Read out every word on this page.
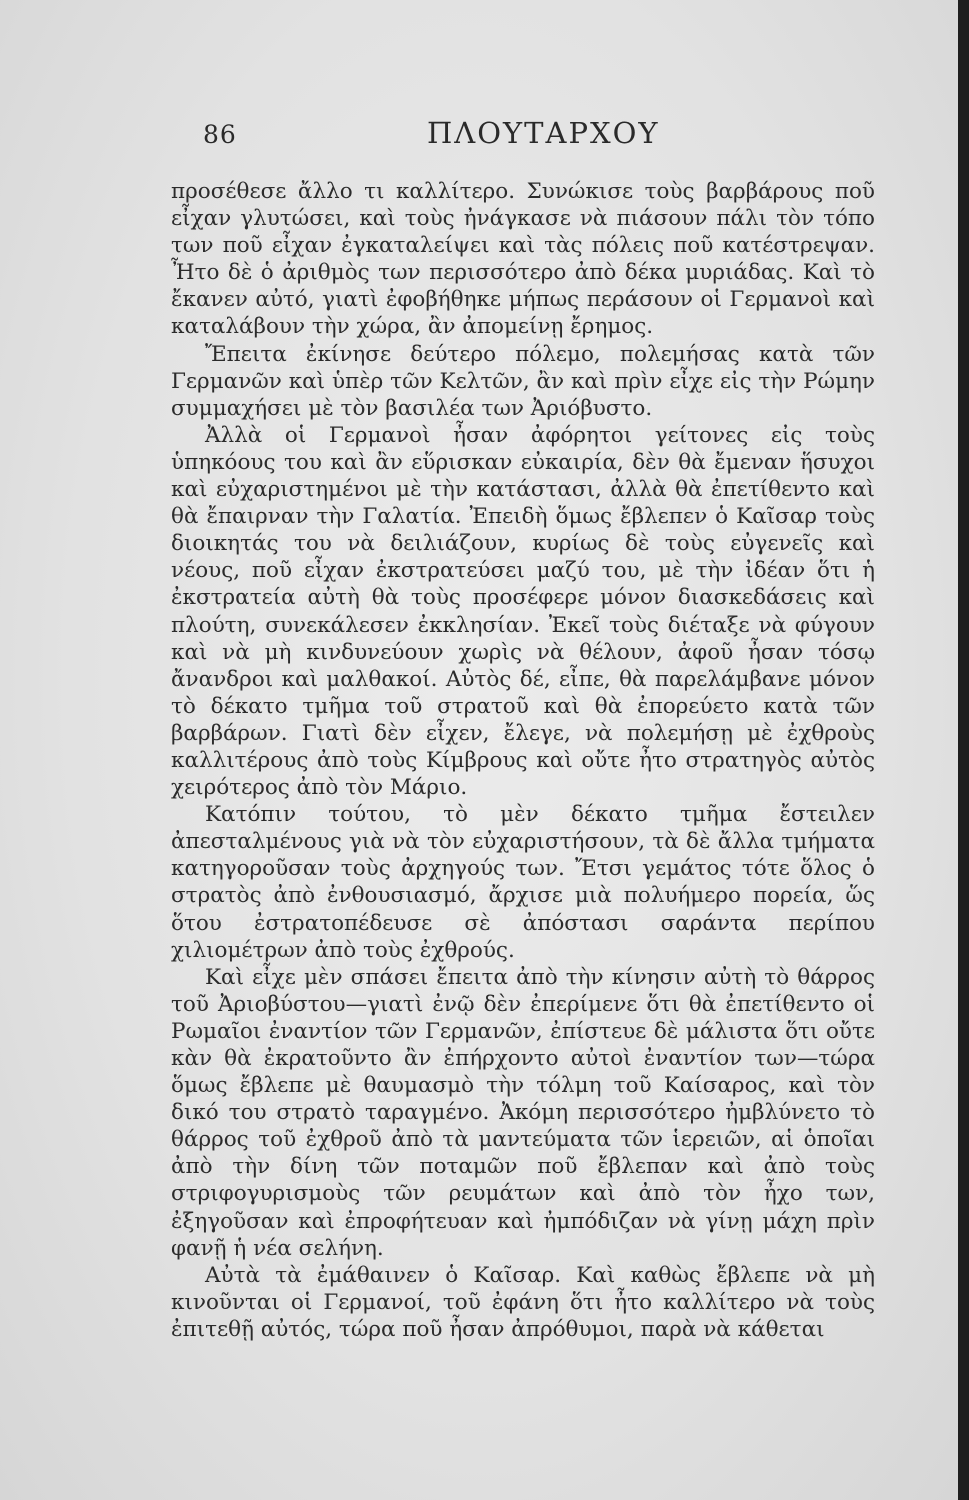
86	ΠΛΟΥΤΑΡΧΟΥ

προσέθεσε ἄλλο τι καλλίτερο. Συνώκισε τοὺς βαρβάρους ποῦ εἶχαν γλυτώσει, καὶ τοὺς ἠνάγκασε νὰ πιάσουν πάλι τὸν τόπο των ποῦ εἶχαν ἐγκαταλείψει καὶ τὰς πόλεις ποῦ κατέστρεψαν. Ἦτο δὲ ὁ ἀριθμὸς των περισσότερο ἀπὸ δέκα μυριάδας. Καὶ τὸ ἔκανεν αὐτό, γιατὶ ἐφοβήθηκε μήπως περάσουν οἱ Γερμανοὶ καὶ καταλάβουν τὴν χώρα, ἂν ἀπομείνῃ ἔρημος.

Ἔπειτα ἐκίνησε δεύτερο πόλεμο, πολεμήσας κατὰ τῶν Γερμανῶν καὶ ὑπὲρ τῶν Κελτῶν, ἂν καὶ πρὶν εἶχε εἰς τὴν Ρώμην συμμαχήσει μὲ τὸν βασιλέα των Ἀριόβυστο.

Ἀλλὰ οἱ Γερμανοὶ ἦσαν ἀφόρητοι γείτονες εἰς τοὺς ὑπηκόους του καὶ ἂν εὕρισκαν εὐκαιρία, δὲν θὰ ἔμεναν ἥσυχοι καὶ εὐχαριστημένοι μὲ τὴν κατάστασι, ἀλλὰ θὰ ἐπετίθεντο καὶ θὰ ἔπαιρναν τὴν Γαλατία. Ἐπειδὴ ὅμως ἔβλεπεν ὁ Καῖσαρ τοὺς διοικητάς του νὰ δειλιάζουν, κυρίως δὲ τοὺς εὐγενεῖς καὶ νέους, ποῦ εἶχαν ἐκστρατεύσει μαζύ του, μὲ τὴν ἰδέαν ὅτι ἡ ἐκστρατεία αὐτὴ θὰ τοὺς προσέφερε μόνον διασκεδάσεις καὶ πλούτη, συνεκάλεσεν ἐκκλησίαν. Ἐκεῖ τοὺς διέταξε νὰ φύγουν καὶ νὰ μὴ κινδυνεύουν χωρὶς νὰ θέλουν, ἀφοῦ ἦσαν τόσῳ ἄνανδροι καὶ μαλθακοί. Αὐτὸς δέ, εἶπε, θὰ παρελάμβανε μόνον τὸ δέκατο τμῆμα τοῦ στρατοῦ καὶ θὰ ἐπορεύετο κατὰ τῶν βαρβάρων. Γιατὶ δὲν εἶχεν, ἔλεγε, νὰ πολεμήσῃ μὲ ἐχθροὺς καλλιτέρους ἀπὸ τοὺς Κίμβρους καὶ οὔτε ἦτο στρατηγὸς αὐτὸς χειρότερος ἀπὸ τὸν Μάριο.

Κατόπιν τούτου, τὸ μὲν δέκατο τμῆμα ἔστειλεν ἀπεσταλμένους γιὰ νὰ τὸν εὐχαριστήσουν, τὰ δὲ ἄλλα τμήματα κατηγοροῦσαν τοὺς ἀρχηγούς των. Ἔτσι γεμάτος τότε ὅλος ὁ στρατὸς ἀπὸ ἐνθουσιασμό, ἄρχισε μιὰ πολυήμερο πορεία, ὥς ὅτου ἐστρατοπέδευσε σὲ ἀπόστασι σαράντα περίπου χιλιομέτρων ἀπὸ τοὺς ἐχθρούς.

Καὶ εἶχε μὲν σπάσει ἔπειτα ἀπὸ τὴν κίνησιν αὐτὴ τὸ θάρρος τοῦ Ἀριοβύστου—γιατὶ ἐνῷ δὲν ἐπερίμενε ὅτι θὰ ἐπετίθεντο οἱ Ρωμαῖοι ἐναντίον τῶν Γερμανῶν, ἐπίστευε δὲ μάλιστα ὅτι οὔτε κὰν θὰ ἐκρατοῦντο ἂν ἐπήρχοντο αὐτοὶ ἐναντίον των—τώρα ὅμως ἔβλεπε μὲ θαυμασμὸ τὴν τόλμη τοῦ Καίσαρος, καὶ τὸν δικό του στρατὸ ταραγμένο. Ἀκόμη περισσότερο ἠμβλύνετο τὸ θάρρος τοῦ ἐχθροῦ ἀπὸ τὰ μαντεύματα τῶν ἱερειῶν, αἱ ὁποῖαι ἀπὸ τὴν δίνη τῶν ποταμῶν ποῦ ἔβλεπαν καὶ ἀπὸ τοὺς στριφογυρισμοὺς τῶν ρευμάτων καὶ ἀπὸ τὸν ἦχο των, ἐξηγοῦσαν καὶ ἐπροφήτευαν καὶ ἠμπόδιζαν νὰ γίνῃ μάχη πρὶν φανῇ ἡ νέα σελήνη.

Αὐτὰ τὰ ἐμάθαινεν ὁ Καῖσαρ. Καὶ καθὼς ἔβλεπε νὰ μὴ κινοῦνται οἱ Γερμανοί, τοῦ ἐφάνη ὅτι ἦτο καλλίτερο νὰ τοὺς ἐπιτεθῇ αὐτός, τώρα ποῦ ἦσαν ἀπρόθυμοι, παρὰ νὰ κάθεται
